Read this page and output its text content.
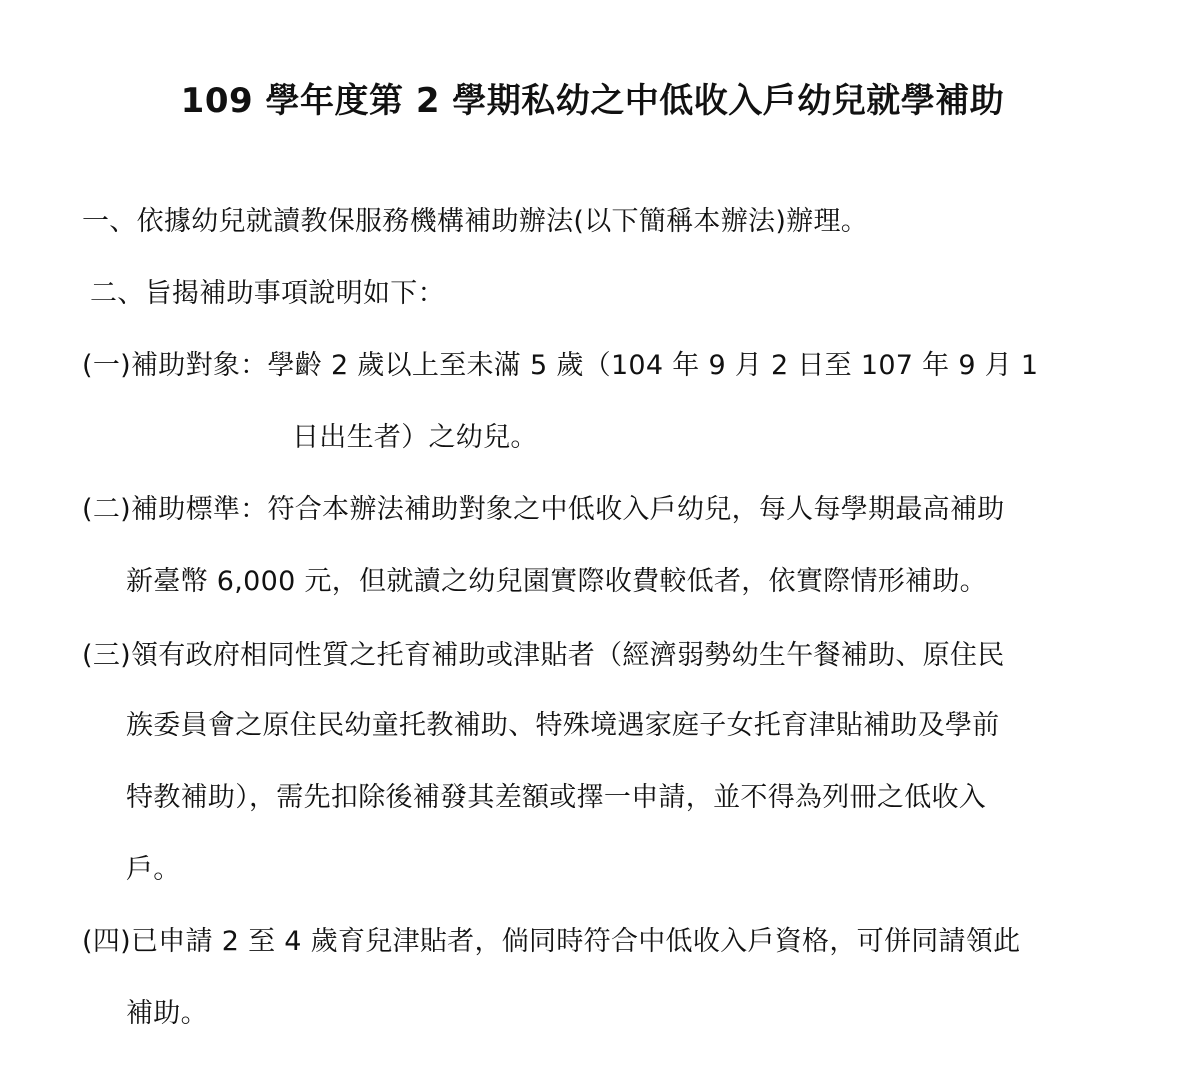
109 學年度第 2 學期私幼之中低收入戶幼兒就學補助
一、依據幼兒就讀教保服務機構補助辦法(以下簡稱本辦法)辦理。
二、旨揭補助事項說明如下：
(一)補助對象：學齡 2 歲以上至未滿 5 歲（104 年 9 月 2 日至 107 年 9 月 1
日出生者）之幼兒。
(二)補助標準：符合本辦法補助對象之中低收入戶幼兒，每人每學期最高補助
新臺幣 6,000 元，但就讀之幼兒園實際收費較低者，依實際情形補助。
(三)領有政府相同性質之托育補助或津貼者（經濟弱勢幼生午餐補助、原住民
族委員會之原住民幼童托教補助、特殊境遇家庭子女托育津貼補助及學前
特教補助），需先扣除後補發其差額或擇一申請，並不得為列冊之低收入
戶。
(四)已申請 2 至 4 歲育兒津貼者，倘同時符合中低收入戶資格，可併同請領此
補助。
